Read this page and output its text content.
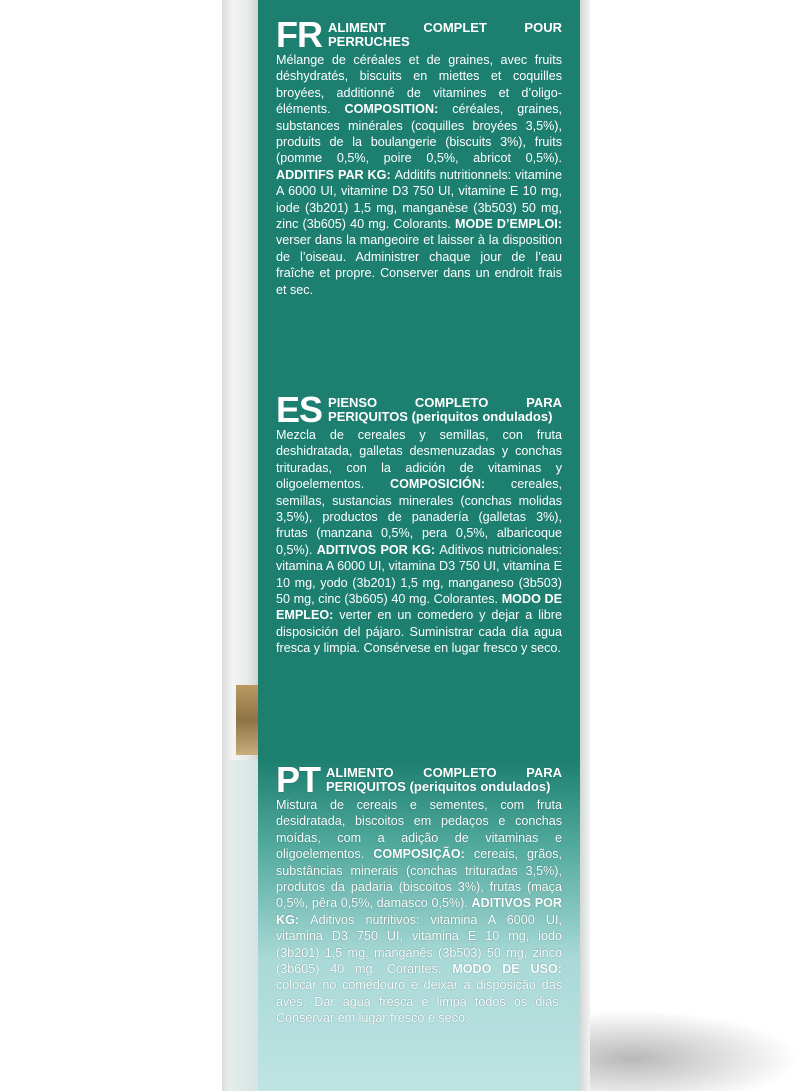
FR ALIMENT COMPLET POUR PERRUCHES
Mélange de céréales et de graines, avec fruits déshydratés, biscuits en miettes et coquilles broyées, additionné de vitamines et d’oligo-éléments. COMPOSITION: céréales, graines, substances minérales (coquilles broyées 3,5%), produits de la boulangerie (biscuits 3%), fruits (pomme 0,5%, poire 0,5%, abricot 0,5%). ADDITIFS PAR KG: Additifs nutritionnels: vitamine A 6000 UI, vitamine D3 750 UI, vitamine E 10 mg, iode (3b201) 1,5 mg, manganèse (3b503) 50 mg, zinc (3b605) 40 mg. Colorants. MODE D’EMPLOI: verser dans la mangeoire et laisser à la disposition de l’oiseau. Administrer chaque jour de l’eau fraîche et propre. Conserver dans un endroit frais et sec.
ES PIENSO COMPLETO PARA PERIQUITOS (periquitos ondulados)
Mezcla de cereales y semillas, con fruta deshidratada, galletas desmenuzadas y conchas trituradas, con la adición de vitaminas y oligoelementos. COMPOSICIÓN: cereales, semillas, sustancias minerales (conchas molidas 3,5%), productos de panadería (galletas 3%), frutas (manzana 0,5%, pera 0,5%, albaricoque 0,5%). ADITIVOS POR KG: Aditivos nutricionales: vitamina A 6000 UI, vitamina D3 750 UI, vitamina E 10 mg, yodo (3b201) 1,5 mg, manganeso (3b503) 50 mg, cinc (3b605) 40 mg. Colorantes. MODO DE EMPLEO: verter en un comedero y dejar a libre disposición del pájaro. Suministrar cada día agua fresca y limpia. Consérvese en lugar fresco y seco.
PT ALIMENTO COMPLETO PARA PERIQUITOS (periquitos ondulados)
Mistura de cereais e sementes, com fruta desidratada, biscoitos em pedaços e conchas moídas, com a adição de vitaminas e oligoelementos. COMPOSIÇÃO: cereais, grãos, substâncias minerais (conchas trituradas 3,5%), produtos da padaria (biscoitos 3%), frutas (maça 0,5%, pêra 0,5%, damasco 0,5%). ADITIVOS POR KG: Aditivos nutritivos: vitamina A 6000 UI, vitamina D3 750 UI, vitamina E 10 mg, iodo (3b201) 1,5 mg, manganês (3b503) 50 mg, zinco (3b605) 40 mg. Corantes. MODO DE USO: colocar no comedouro e deixar à disposição das aves. Dar água fresca e limpa todos os dias. Conservar em lugar fresco e seco.
